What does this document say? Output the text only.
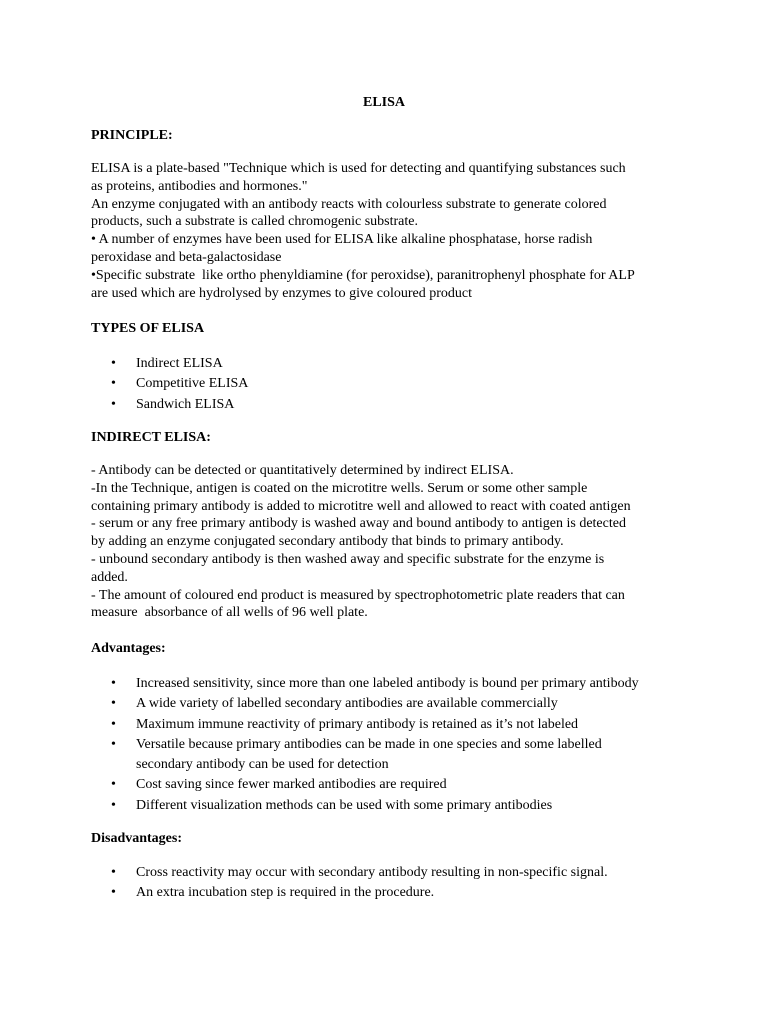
ELISA
PRINCIPLE:

ELISA is a plate-based "Technique which is used for detecting and quantifying substances such

as proteins, antibodies and hormones."

An enzyme conjugated with an antibody reacts with colourless substrate to generate colored

products, such a substrate is called chromogenic substrate.

• A number of enzymes have been used for ELISA like alkaline phosphatase, horse radish

peroxidase and beta-galactosidase

•Specific substrate  like ortho phenyldiamine (for peroxidse), paranitrophenyl phosphate for ALP

are used which are hydrolysed by enzymes to give coloured product

TYPES OF ELISA
• Indirect ELISA
• Competitive ELISA
• Sandwich ELISA
INDIRECT ELISA:

- Antibody can be detected or quantitatively determined by indirect ELISA.

-In the Technique, antigen is coated on the microtitre wells. Serum or some other sample

containing primary antibody is added to microtitre well and allowed to react with coated antigen

- serum or any free primary antibody is washed away and bound antibody to antigen is detected

by adding an enzyme conjugated secondary antibody that binds to primary antibody.

- unbound secondary antibody is then washed away and specific substrate for the enzyme is

added.

- The amount of coloured end product is measured by spectrophotometric plate readers that can

measure  absorbance of all wells of 96 well plate.

Advantages:
• Increased sensitivity, since more than one labeled antibody is bound per primary antibody
• A wide variety of labelled secondary antibodies are available commercially
• Maximum immune reactivity of primary antibody is retained as it’s not labeled
• Versatile because primary antibodies can be made in one species and some labelled secondary antibody can be used for detection
• Cost saving since fewer marked antibodies are required
• Different visualization methods can be used with some primary antibodies
Disadvantages:
• Cross reactivity may occur with secondary antibody resulting in non-specific signal.
• An extra incubation step is required in the procedure.
